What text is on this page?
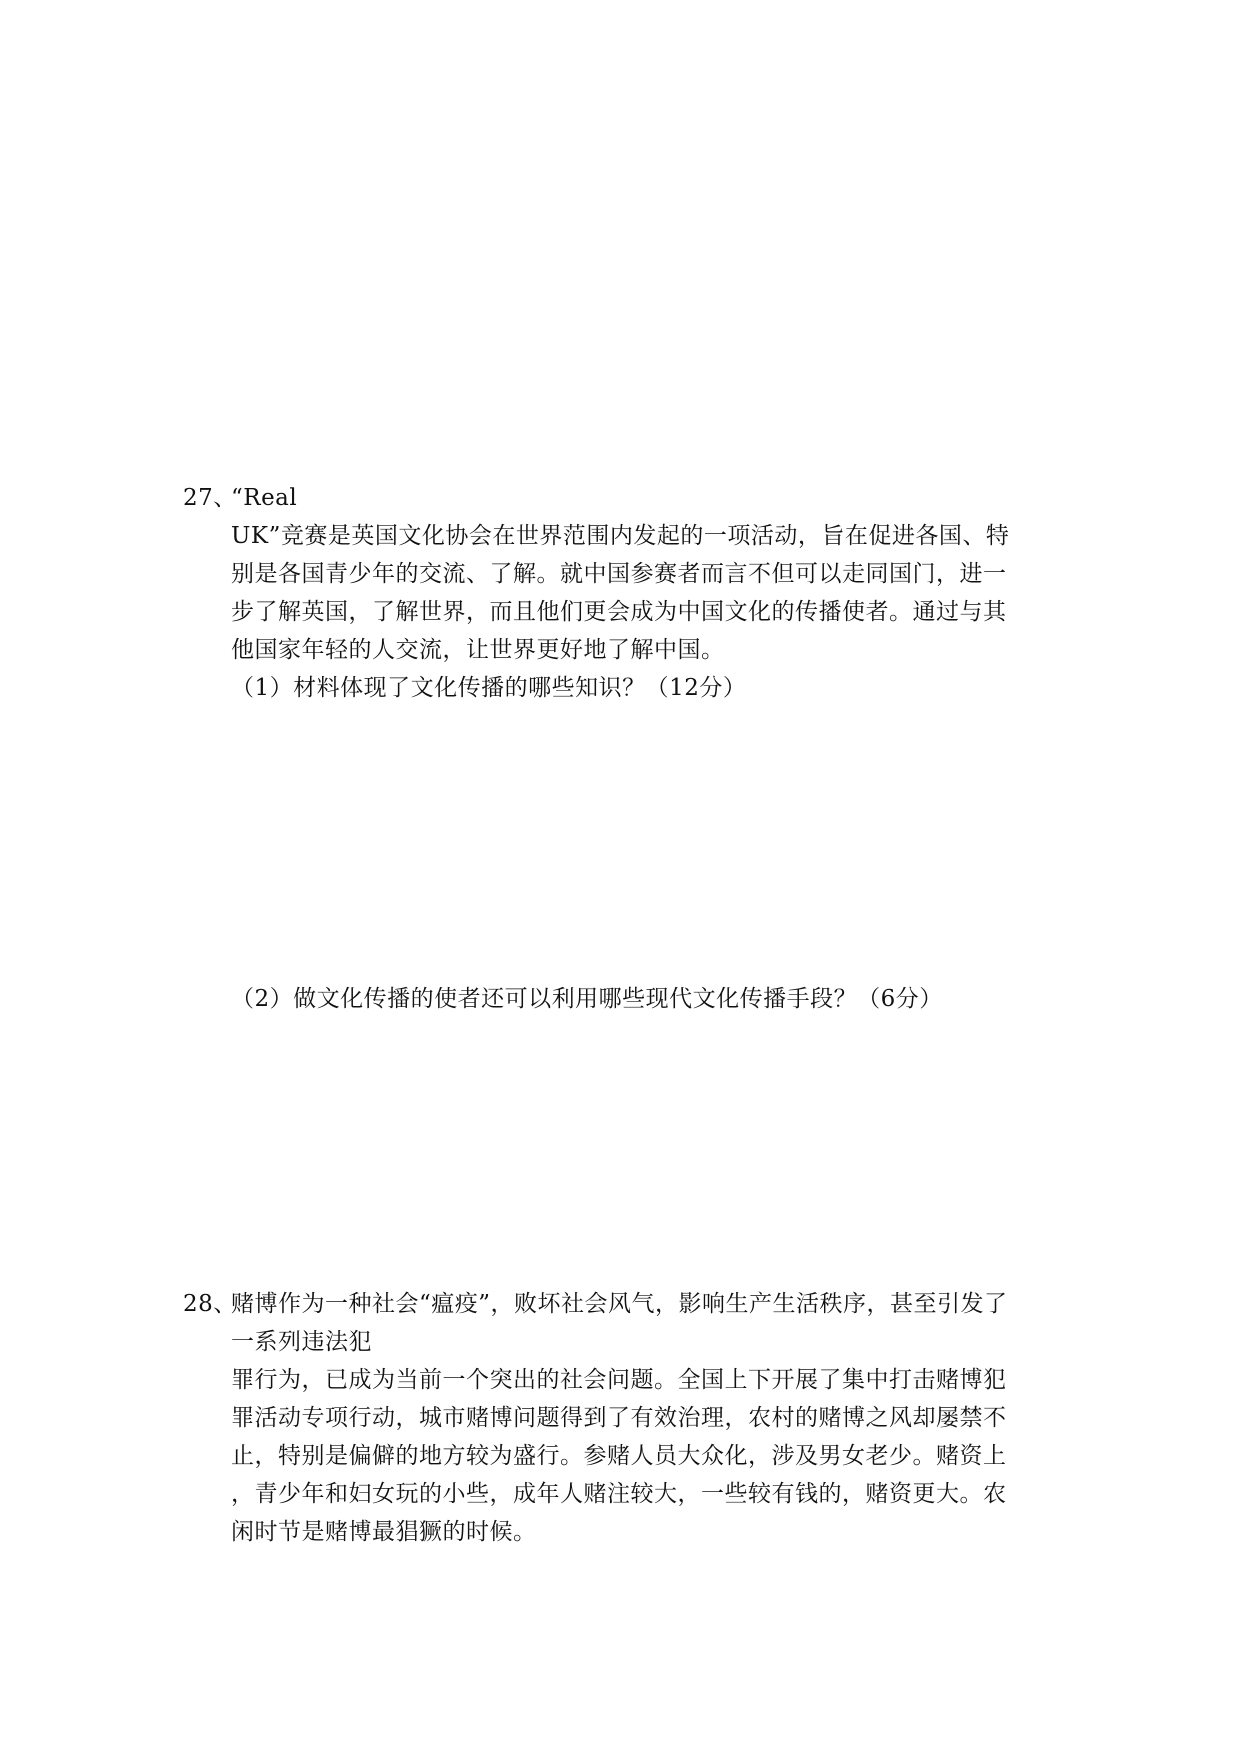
27、
“Real
UK”竞赛是英国文化协会在世界范围内发起的一项活动，旨在促进各国、特
别是各国青少年的交流、了解。就中国参赛者而言不但可以走同国门，进一
步了解英国，了解世界，而且他们更会成为中国文化的传播使者。通过与其
他国家年轻的人交流，让世界更好地了解中国。
（1）材料体现了文化传播的哪些知识？（12分）
（2）做文化传播的使者还可以利用哪些现代文化传播手段？（6分）
28、
赌博作为一种社会“瘟疫”，败坏社会风气，影响生产生活秩序，甚至引发了
一系列违法犯
罪行为，已成为当前一个突出的社会问题。全国上下开展了集中打击赌博犯
罪活动专项行动，城市赌博问题得到了有效治理，农村的赌博之风却屡禁不
止，特别是偏僻的地方较为盛行。参赌人员大众化，涉及男女老少。赌资上
，青少年和妇女玩的小些，成年人赌注较大，一些较有钱的，赌资更大。农
闲时节是赌博最猖獗的时候。
